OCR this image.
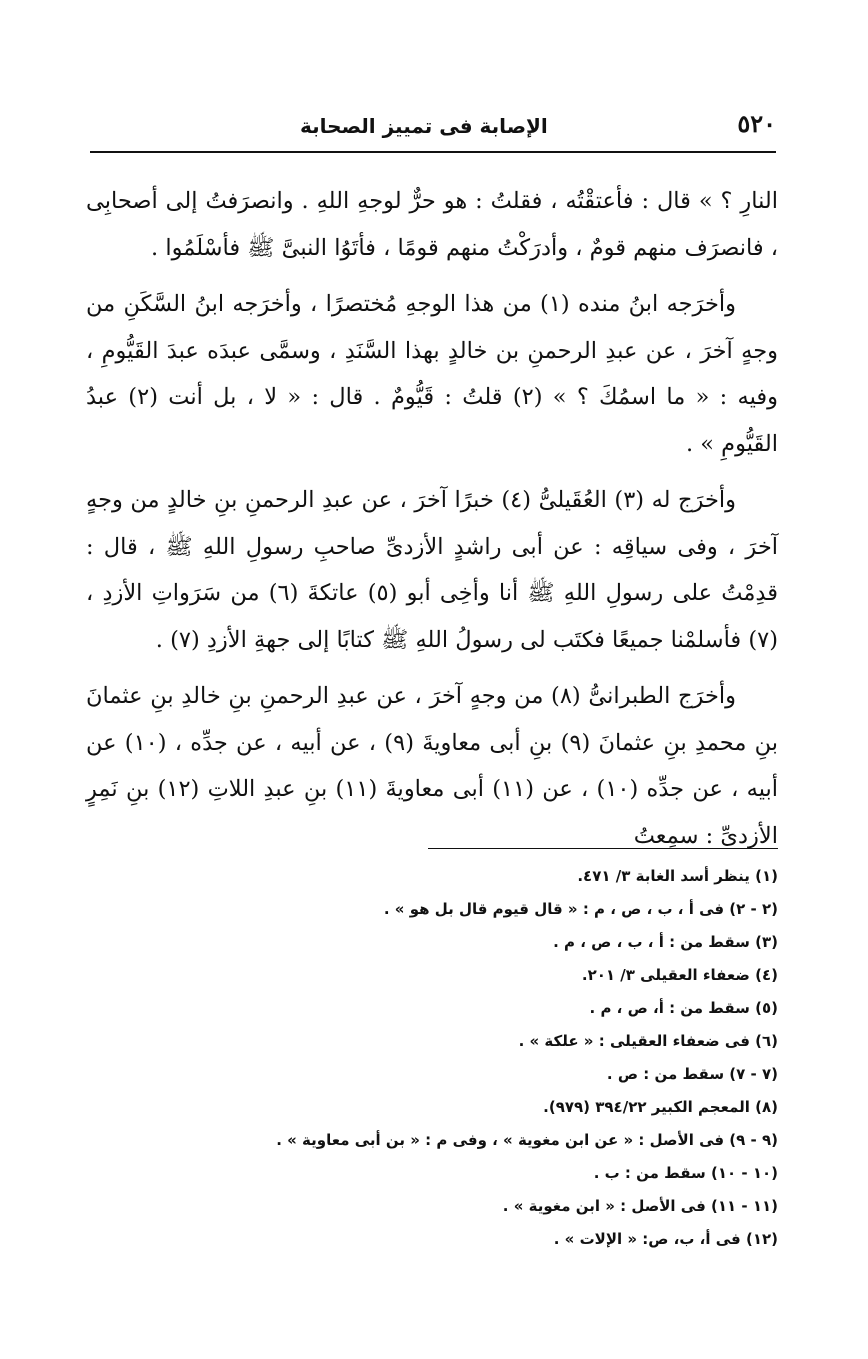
٥٢٠
الإصابة فى تمييز الصحابة

النارِ ؟ » قال : فأعتقْتُه ، فقلتُ : هو حرٌّ لوجهِ اللهِ . وانصرَفتُ إلى أصحابِى ، فانصرَف منهم قومٌ ، وأدرَكْتُ منهم قومًا ، فأتَوُا النبىَّ ﷺ فأسْلَمُوا .

وأخرَجه ابنُ منده (١) من هذا الوجهِ مُختصرًا ، وأخرَجه ابنُ السَّكَنِ من وجهٍ آخرَ ، عن عبدِ الرحمنِ بن خالدٍ بهذا السَّنَدِ ، وسمَّى عبدَه عبدَ القَيُّومِ ، وفيه : « ما اسمُكَ ؟ » (٢) قلتُ : قَيُّومٌ . قال : « لا ، بل أنت (٢) عبدُ القَيُّومِ » .

وأخرَج له (٣) العُقَيلىُّ (٤) خبرًا آخرَ ، عن عبدِ الرحمنِ بنِ خالدٍ من وجهٍ آخرَ ، وفى سياقِه : عن أبى راشدٍ الأزدىِّ صاحبِ رسولِ اللهِ ﷺ ، قال : قدِمْتُ على رسولِ اللهِ ﷺ أنا وأخِى أبو (٥) عاتكةَ (٦) من سَرَواتِ الأزدِ ، (٧) فأسلمْنا جميعًا فكتَب لى رسولُ اللهِ ﷺ كتابًا إلى جهةِ الأزدِ (٧) .

وأخرَج الطبرانىُّ (٨) من وجهٍ آخرَ ، عن عبدِ الرحمنِ بنِ خالدِ بنِ عثمانَ بنِ محمدِ بنِ عثمانَ (٩) بنِ أبى معاويةَ (٩) ، عن أبيه ، عن جدِّه ، (١٠) عن أبيه ، عن جدِّه (١٠) ، عن (١١) أبى معاويةَ (١١) بنِ عبدِ اللاتِ (١٢) بنِ نَمِرٍ الأزدىِّ : سمِعتُ

(١) ينظر أسد الغابة ٣/ ٤٧١.
(٢ - ٢) فى أ ، ب ، ص ، م : « قال قيوم قال بل هو » .
(٣) سقط من : أ ، ب ، ص ، م .
(٤) ضعفاء العقيلى ٣/ ٢٠١.
(٥) سقط من : أ، ص ، م .
(٦) فى ضعفاء العقيلى : « علكة » .
(٧ - ٧) سقط من : ص .
(٨) المعجم الكبير ٣٩٤/٢٢ (٩٧٩).
(٩ - ٩) فى الأصل : « عن ابن مغوية » ، وفى م : « بن أبى معاوية » .
(١٠ - ١٠) سقط من : ب .
(١١ - ١١) فى الأصل : « ابن مغوية » .
(١٢) فى أ، ب، ص: « الإلات » .
